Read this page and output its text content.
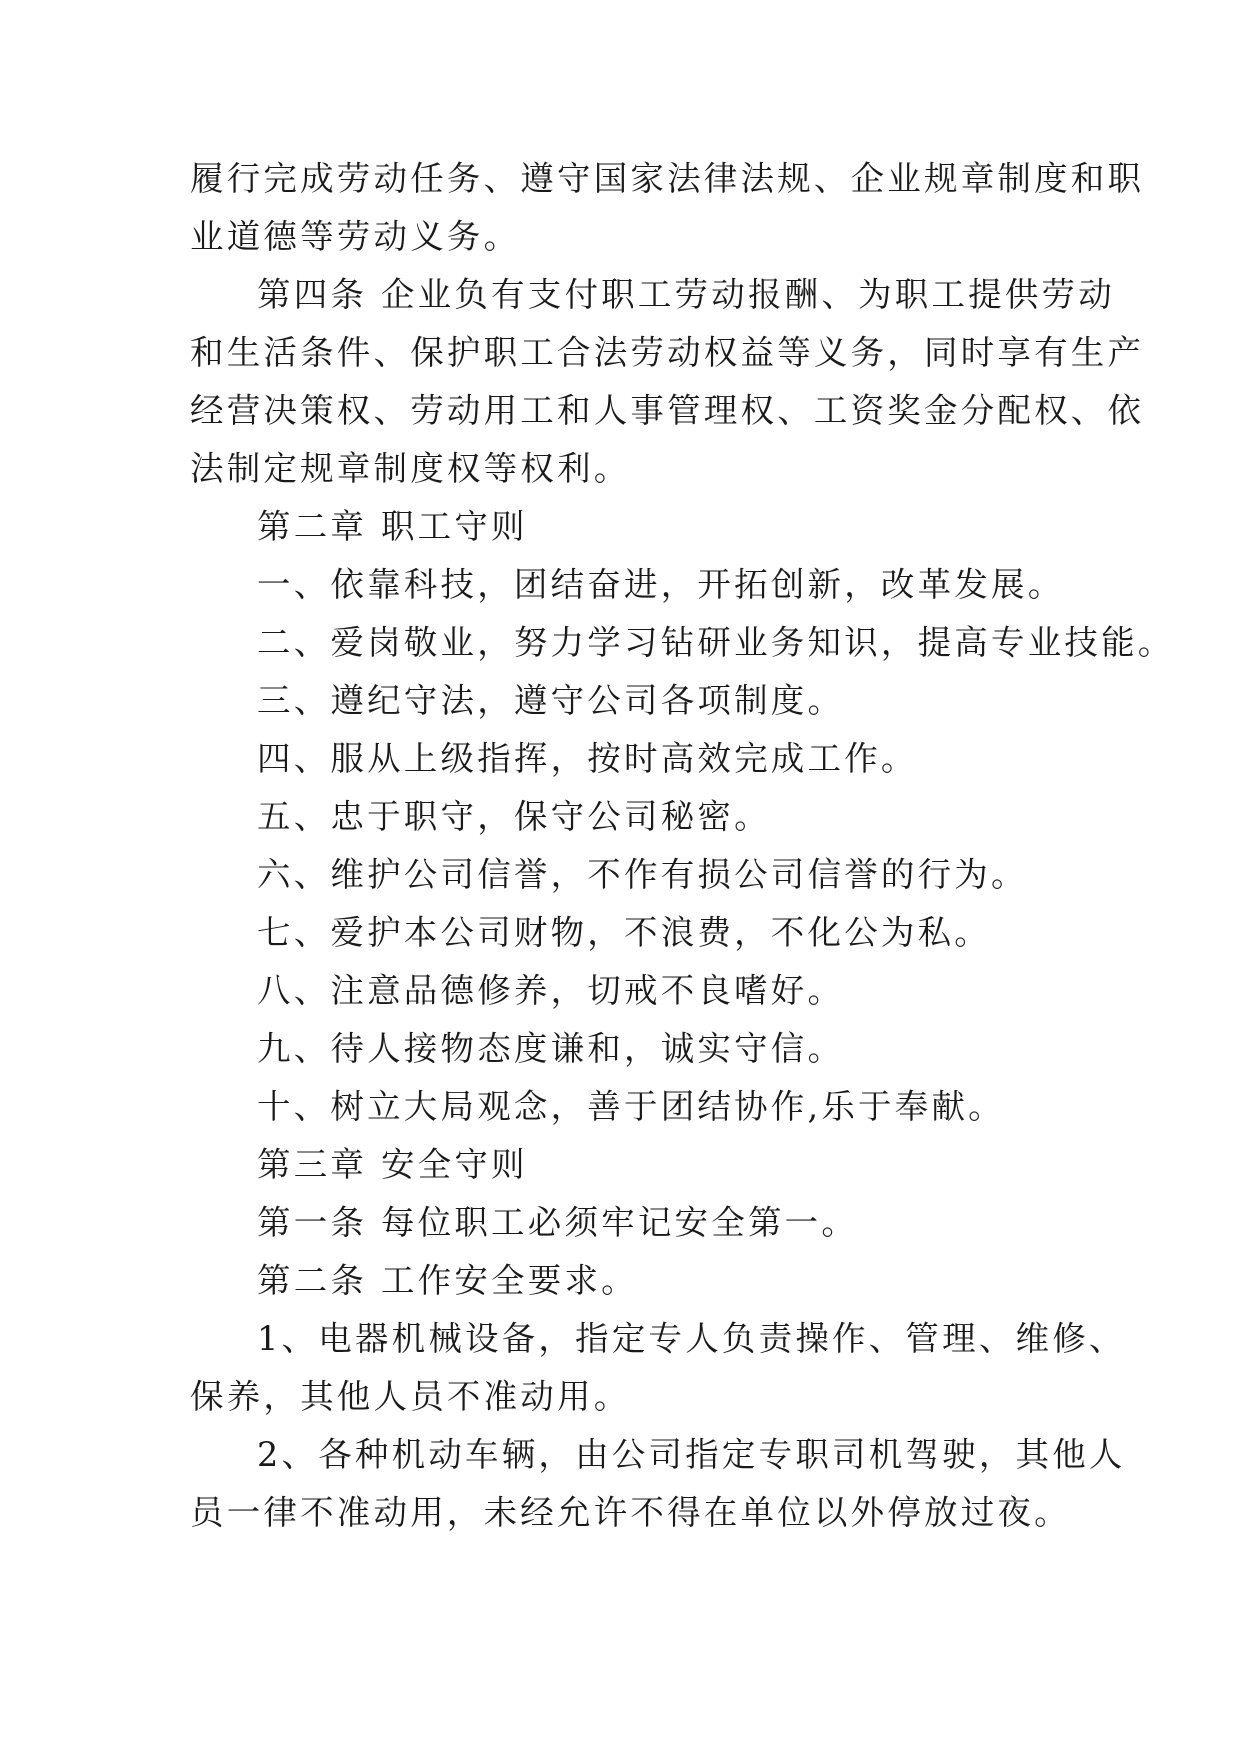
履行完成劳动任务、遵守国家法律法规、企业规章制度和职
业道德等劳动义务。
第四条 企业负有支付职工劳动报酬、为职工提供劳动
和生活条件、保护职工合法劳动权益等义务，同时享有生产
经营决策权、劳动用工和人事管理权、工资奖金分配权、依
法制定规章制度权等权利。
第二章 职工守则
一、依靠科技，团结奋进，开拓创新，改革发展。
二、爱岗敬业，努力学习钻研业务知识，提高专业技能。
三、遵纪守法，遵守公司各项制度。
四、服从上级指挥，按时高效完成工作。
五、忠于职守，保守公司秘密。
六、维护公司信誉，不作有损公司信誉的行为。
七、爱护本公司财物，不浪费，不化公为私。
八、注意品德修养，切戒不良嗜好。
九、待人接物态度谦和，诚实守信。
十、树立大局观念，善于团结协作,乐于奉献。
第三章 安全守则
第一条 每位职工必须牢记安全第一。
第二条 工作安全要求。
1、电器机械设备，指定专人负责操作、管理、维修、
保养，其他人员不准动用。
2、各种机动车辆，由公司指定专职司机驾驶，其他人
员一律不准动用，未经允许不得在单位以外停放过夜。
